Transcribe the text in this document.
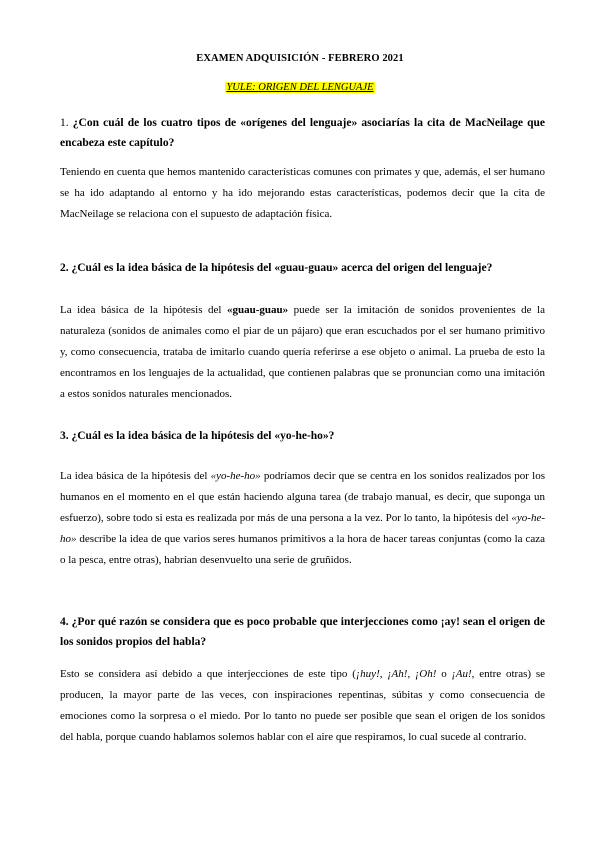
EXAMEN ADQUISICIÓN - FEBRERO 2021
YULE: ORIGEN DEL LENGUAJE
1. ¿Con cuál de los cuatro tipos de «orígenes del lenguaje» asociarías la cita de MacNeilage que encabeza este capítulo?
Teniendo en cuenta que hemos mantenido características comunes con primates y que, además, el ser humano se ha ido adaptando al entorno y ha ido mejorando estas características, podemos decir que la cita de MacNeilage se relaciona con el supuesto de adaptación física.
2. ¿Cuál es la idea básica de la hipótesis del «guau-guau» acerca del origen del lenguaje?
La idea básica de la hipótesis del «guau-guau» puede ser la imitación de sonidos provenientes de la naturaleza (sonidos de animales como el piar de un pájaro) que eran escuchados por el ser humano primitivo y, como consecuencia, trataba de imitarlo cuando quería referirse a ese objeto o animal. La prueba de esto la encontramos en los lenguajes de la actualidad, que contienen palabras que se pronuncian como una imitación a estos sonidos naturales mencionados.
3. ¿Cuál es la idea básica de la hipótesis del «yo-he-ho»?
La idea básica de la hipótesis del «yo-he-ho» podríamos decir que se centra en los sonidos realizados por los humanos en el momento en el que están haciendo alguna tarea (de trabajo manual, es decir, que suponga un esfuerzo), sobre todo si esta es realizada por más de una persona a la vez. Por lo tanto, la hipótesis del «yo-he-ho» describe la idea de que varios seres humanos primitivos a la hora de hacer tareas conjuntas (como la caza o la pesca, entre otras), habrían desenvuelto una serie de gruñidos.
4. ¿Por qué razón se considera que es poco probable que interjecciones como ¡ay! sean el origen de los sonidos propios del habla?
Esto se considera así debido a que interjecciones de este tipo (¡huy!, ¡Ah!, ¡Oh! o ¡Au!, entre otras) se producen, la mayor parte de las veces, con inspiraciones repentinas, súbitas y como consecuencia de emociones como la sorpresa o el miedo. Por lo tanto no puede ser posible que sean el origen de los sonidos del habla, porque cuando hablamos solemos hablar con el aire que respiramos, lo cual sucede al contrario.
